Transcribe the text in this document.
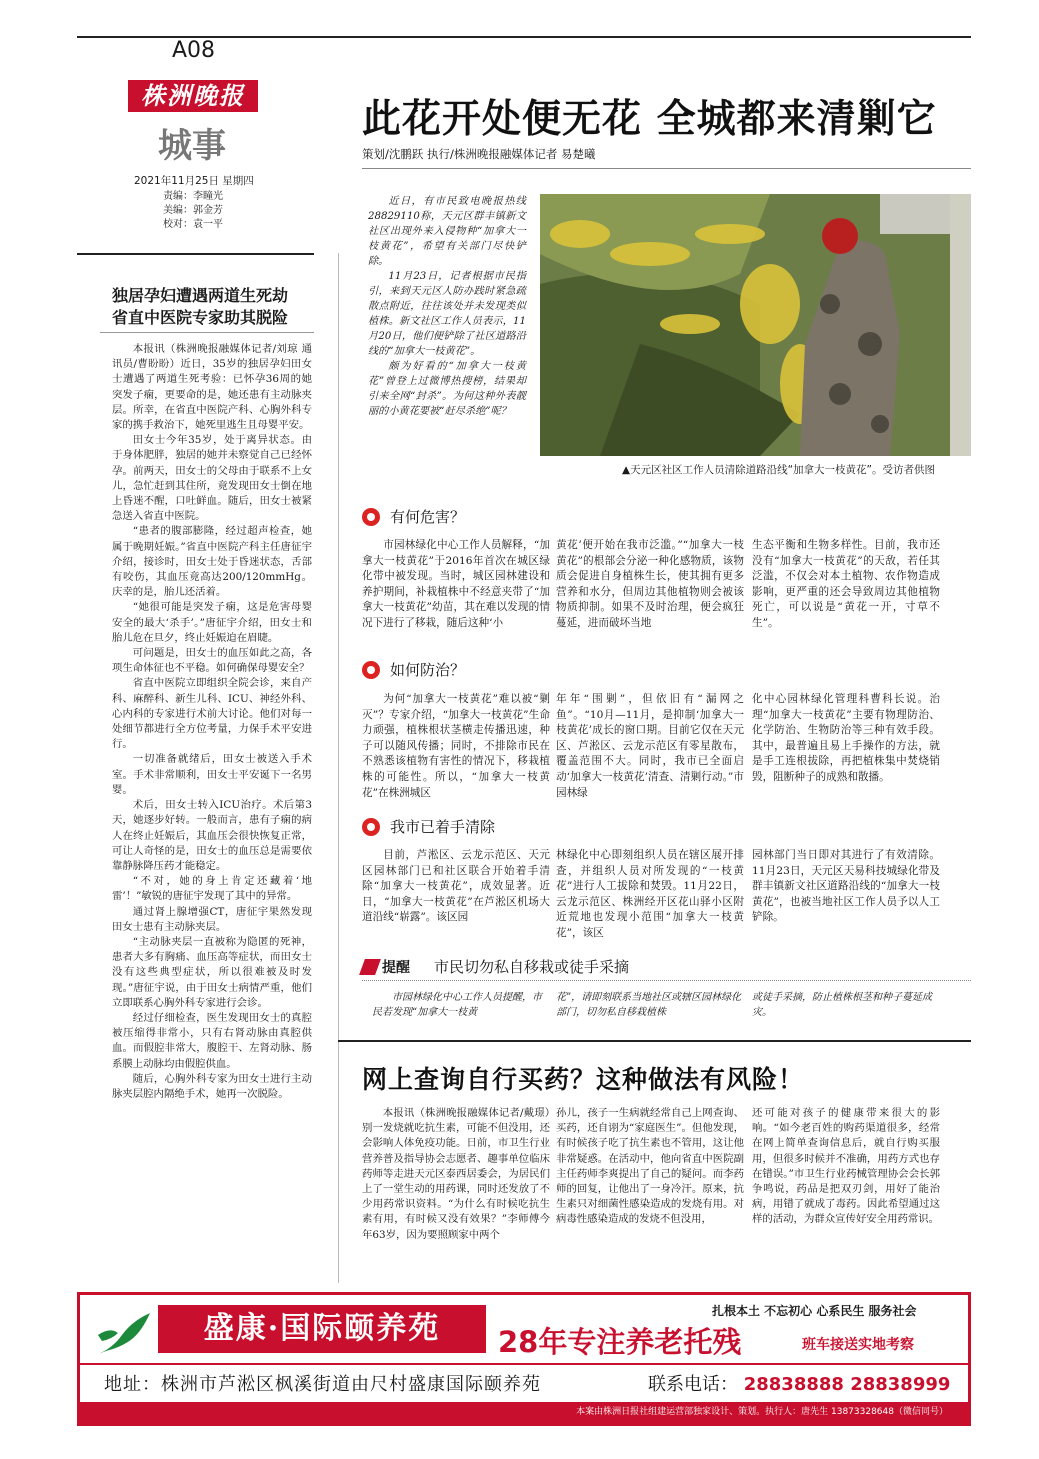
A08
株洲晚报
城事
2021年11月25日 星期四
责编：李瞳光
美编：郭金芳
校对：袁一平
此花开处便无花 全城都来清剿它
策划/沈鹏跃 执行/株洲晚报融媒体记者 易楚曦
独居孕妇遭遇两道生死劫
省直中医院专家助其脱险

本报讯（株洲晚报融媒体记者/刘琼 通讯员/曹盼盼）近日，35岁的独居孕妇田女士遭遇了两道生死考验：已怀孕36周的她突发子痫，更要命的是，她还患有主动脉夹层。所幸，在省直中医院产科、心胸外科专家的携手救治下，她死里逃生且母婴平安。

田女士今年35岁，处于离异状态。由于身体肥胖，独居的她并未察觉自己已经怀孕。前两天，田女士的父母由于联系不上女儿，急忙赶到其住所，竟发现田女士倒在地上昏迷不醒，口吐鲜血。随后，田女士被紧急送入省直中医院。

“患者的腹部膨隆，经过超声检查，她属于晚期妊娠。”省直中医院产科主任唐征宇介绍，接诊时，田女士处于昏迷状态，舌部有咬伤，其血压竟高达200/120mmHg。庆幸的是，胎儿还活着。

“她很可能是突发子痫，这是危害母婴安全的最大‘杀手’。”唐征宇介绍，田女士和胎儿危在旦夕，终止妊娠迫在眉睫。

可问题是，田女士的血压如此之高，各项生命体征也不平稳。如何确保母婴安全？

省直中医院立即组织全院会诊，来自产科、麻醉科、新生儿科、ICU、神经外科、心内科的专家进行术前大讨论。他们对每一处细节都进行全方位考量，力保手术平安进行。

一切准备就绪后，田女士被送入手术室。手术非常顺利，田女士平安诞下一名男婴。

术后，田女士转入ICU治疗。术后第3天，她逐步好转。一般而言，患有子痫的病人在终止妊娠后，其血压会很快恢复正常，可让人奇怪的是，田女士的血压总是需要依靠静脉降压药才能稳定。

“不对，她的身上肯定还藏着‘地雷’！”敏锐的唐征宇发现了其中的异常。

通过肾上腺增强CT，唐征宇果然发现田女士患有主动脉夹层。

“主动脉夹层一直被称为隐匿的死神，患者大多有胸痛、血压高等症状，而田女士没有这些典型症状，所以很难被及时发现。”唐征宇说，由于田女士病情严重，他们立即联系心胸外科专家进行会诊。

经过仔细检查，医生发现田女士的真腔被压缩得非常小，只有右肾动脉由真腔供血。而假腔非常大，腹腔干、左肾动脉、肠系膜上动脉均由假腔供血。

随后，心胸外科专家为田女士进行主动脉夹层腔内隔绝手术，她再一次脱险。

近日，有市民致电晚报热线28829110称，天元区群丰镇新文社区出现外来入侵物种“加拿大一枝黄花”，希望有关部门尽快铲除。

11月23日，记者根据市民指引，来到天元区人防办践时紧急疏散点附近，往往该处并未发现类似植株。新文社区工作人员表示，11月20日，他们便铲除了社区道路沿线的“加拿大一枝黄花”。

颇为好看的“加拿大一枝黄花”曾登上过微博热搜榜，结果却引来全网“封杀”。为何这种外表靓丽的小黄花要被“赶尽杀绝”呢？

▲天元区社区工作人员清除道路沿线“加拿大一枝黄花”。受访者供图
有何危害？
市园林绿化中心工作人员解释，“加拿大一枝黄花”于2016年首次在城区绿化带中被发现。当时，城区园林建设和养护期间，补栽植株中不经意夹带了“加拿大一枝黄花”幼苗，其在难以发现的情况下进行了移栽，随后这种‘小
黄花’便开始在我市泛滥。”“加拿大一枝黄花”的根部会分泌一种化感物质，该物质会促进自身植株生长，使其拥有更多营养和水分，但周边其他植物则会被该物质抑制。如果不及时治理，便会疯狂蔓延，进而破坏当地
生态平衡和生物多样性。目前，我市还没有“加拿大一枝黄花”的天敌，若任其泛滥，不仅会对本土植物、农作物造成影响，更严重的还会导致周边其他植物死亡，可以说是“黄花一开，寸草不生”。
如何防治？
为何“加拿大一枝黄花”难以被“剿灭”？专家介绍，“加拿大一枝黄花”生命力顽强，植株根状茎横走传播迅速，种子可以随风传播；同时，不排除市民在不熟悉该植物有害性的情况下，移栽植株的可能性。所以，“加拿大一枝黄花”在株洲城区
年年“围剿”，但依旧有“漏网之鱼”。“10月—11月，是抑制‘加拿大一枝黄花’成长的窗口期。目前它仅在天元区、芦淞区、云龙示范区有零星散布，覆盖范围不大。同时，我市已全面启动‘加拿大一枝黄花’清查、清剿行动。”市园林绿
化中心园林绿化管理科曹科长说。治理“加拿大一枝黄花”主要有物理防治、化学防治、生物防治等三种有效手段。其中，最普遍且易上手操作的方法，就是手工连根拔除，再把植株集中焚烧销毁，阻断种子的成熟和散播。
我市已着手清除
目前，芦淞区、云龙示范区、天元区园林部门已和社区联合开始着手清除“加拿大一枝黄花”，成效显著。近日，“加拿大一枝黄花”在芦淞区机场大道沿线“崭露”。该区园
林绿化中心即刻组织人员在辖区展开排查，并组织人员对所发现的“一枝黄花”进行人工拔除和焚毁。11月22日，云龙示范区、株洲经开区花山驿小区附近荒地也发现小范围“加拿大一枝黄花”，该区
园林部门当日即对其进行了有效清除。11月23日，天元区天易科技城绿化带及群丰镇新文社区道路沿线的“加拿大一枝黄花”，也被当地社区工作人员予以人工铲除。
提醒 市民切勿私自移栽或徒手采摘
市园林绿化中心工作人员提醒，市民若发现“加拿大一枝黄
花”，请即刻联系当地社区或辖区园林绿化部门，切勿私自移栽植株
或徒手采摘，防止植株根茎和种子蔓延成灾。
网上查询自行买药？这种做法有风险！
本报讯（株洲晚报融媒体记者/戴璟）别一发烧就吃抗生素，可能不但没用，还会影响人体免疫功能。日前，市卫生行业营养普及指导协会志愿者、趣事单位临床药师等走进天元区泰西居委会，为居民们上了一堂生动的用药课，同时还发放了不少用药常识资料。“为什么有时候吃抗生素有用，有时候又没有效果？”李师傅今年63岁，因为要照顾家中两个
孙儿，孩子一生病就经常自己上网查询、买药，还自诩为“家庭医生”。但他发现，有时候孩子吃了抗生素也不管用，这让他非常疑惑。在活动中，他向省直中医院副主任药师李爽提出了自己的疑问。而李药师的回复，让他出了一身冷汗。原来，抗生素只对细菌性感染造成的发烧有用。对病毒性感染造成的发烧不但没用，
还可能对孩子的健康带来很大的影响。“如今老百姓的购药渠道很多，经常在网上简单查询信息后，就自行购买服用，但很多时候并不准确，用药方式也存在错误。”市卫生行业药械管理协会会长郭争鸣说，药品是把双刃剑，用好了能治病，用错了就成了毒药。因此希望通过这样的活动，为群众宣传好安全用药常识。
盛康·国际颐养苑	扎根本土 不忘初心 心系民生 服务社会
28年专注养老托残	班车接送实地考察
地址：株洲市芦淞区枫溪街道由尺村盛康国际颐养苑	联系电话： 28838888 28838999
本案由株洲日报社组建运营部独家设计、策划。执行人：唐先生 13873328648（微信同号）
